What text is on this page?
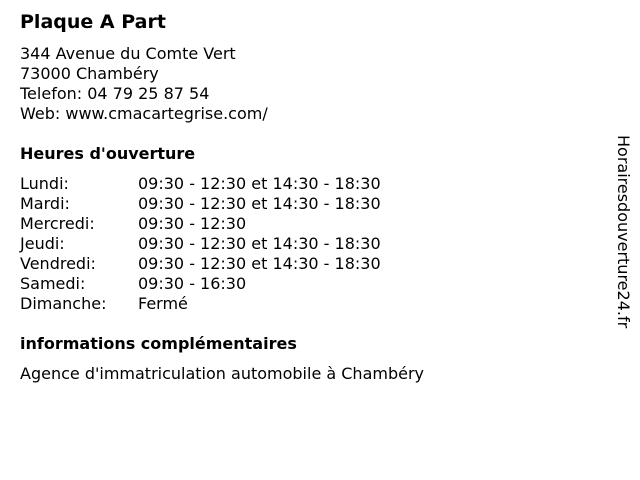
Plaque A Part
344 Avenue du Comte Vert
73000 Chambéry
Telefon: 04 79 25 87 54
Web: www.cmacartegrise.com/
Heures d'ouverture
Lundi:	09:30 - 12:30 et 14:30 - 18:30
Mardi:	09:30 - 12:30 et 14:30 - 18:30
Mercredi:	09:30 - 12:30
Jeudi:	09:30 - 12:30 et 14:30 - 18:30
Vendredi:	09:30 - 12:30 et 14:30 - 18:30
Samedi:	09:30 - 16:30
Dimanche:	Fermé
informations complémentaires
Agence d'immatriculation automobile à Chambéry
Horairesdouverture24.fr
